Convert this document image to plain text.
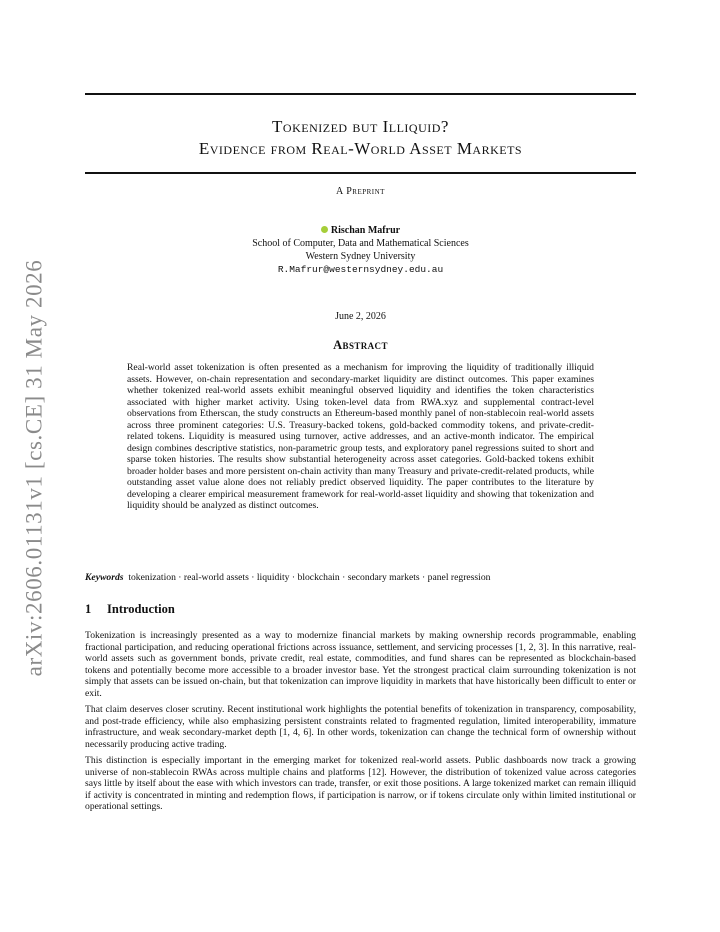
arXiv:2606.01131v1 [cs.CE] 31 May 2026
Tokenized but Illiquid?
Evidence from Real-World Asset Markets
A Preprint
Rischan Mafrur
School of Computer, Data and Mathematical Sciences
Western Sydney University
R.Mafrur@westernsydney.edu.au
June 2, 2026
Abstract
Real-world asset tokenization is often presented as a mechanism for improving the liquidity of traditionally illiquid assets. However, on-chain representation and secondary-market liquidity are distinct outcomes. This paper examines whether tokenized real-world assets exhibit meaningful observed liquidity and identifies the token characteristics associated with higher market activity. Using token-level data from RWA.xyz and supplemental contract-level observations from Etherscan, the study constructs an Ethereum-based monthly panel of non-stablecoin real-world assets across three prominent categories: U.S. Treasury-backed tokens, gold-backed commodity tokens, and private-credit-related tokens. Liquidity is measured using turnover, active addresses, and an active-month indicator. The empirical design combines descriptive statistics, non-parametric group tests, and exploratory panel regressions suited to short and sparse token histories. The results show substantial heterogeneity across asset categories. Gold-backed tokens exhibit broader holder bases and more persistent on-chain activity than many Treasury and private-credit-related products, while outstanding asset value alone does not reliably predict observed liquidity. The paper contributes to the literature by developing a clearer empirical measurement framework for real-world-asset liquidity and showing that tokenization and liquidity should be analyzed as distinct outcomes.
Keywords tokenization · real-world assets · liquidity · blockchain · secondary markets · panel regression
1 Introduction

Tokenization is increasingly presented as a way to modernize financial markets by making ownership records programmable, enabling fractional participation, and reducing operational frictions across issuance, settlement, and servicing processes [1, 2, 3]. In this narrative, real-world assets such as government bonds, private credit, real estate, commodities, and fund shares can be represented as blockchain-based tokens and potentially become more accessible to a broader investor base. Yet the strongest practical claim surrounding tokenization is not simply that assets can be issued on-chain, but that tokenization can improve liquidity in markets that have historically been difficult to enter or exit.

That claim deserves closer scrutiny. Recent institutional work highlights the potential benefits of tokenization in transparency, composability, and post-trade efficiency, while also emphasizing persistent constraints related to fragmented regulation, limited interoperability, immature infrastructure, and weak secondary-market depth [1, 4, 6]. In other words, tokenization can change the technical form of ownership without necessarily producing active trading.

This distinction is especially important in the emerging market for tokenized real-world assets. Public dashboards now track a growing universe of non-stablecoin RWAs across multiple chains and platforms [12]. However, the distribution of tokenized value across categories says little by itself about the ease with which investors can trade, transfer, or exit those positions. A large tokenized market can remain illiquid if activity is concentrated in minting and redemption flows, if participation is narrow, or if tokens circulate only within limited institutional or operational settings.
